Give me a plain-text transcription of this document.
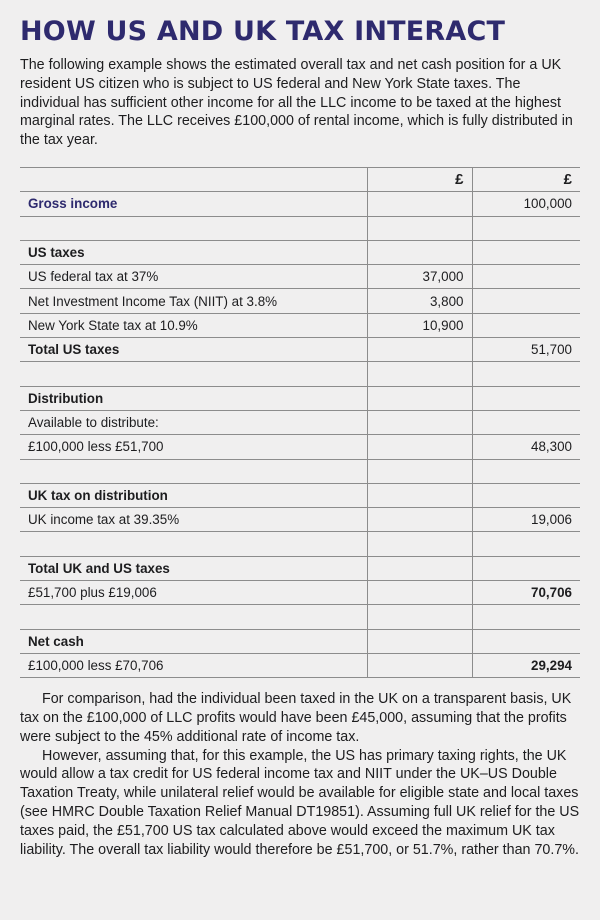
HOW US AND UK TAX INTERACT

The following example shows the estimated overall tax and net cash position for a UK resident US citizen who is subject to US federal and New York State taxes. The individual has sufficient other income for all the LLC income to be taxed at the highest marginal rates. The LLC receives £100,000 of rental income, which is fully distributed in the tax year.

	£	£
Gross income		100,000

US taxes		
US federal tax at 37%	37,000	
Net Investment Income Tax (NIIT) at 3.8%	3,800	
New York State tax at 10.9%	10,900	
Total US taxes		51,700

Distribution		
Available to distribute:		
£100,000 less £51,700		48,300

UK tax on distribution		
UK income tax at 39.35%		19,006

Total UK and US taxes		
£51,700 plus £19,006		70,706

Net cash		
£100,000 less £70,706		29,294

For comparison, had the individual been taxed in the UK on a transparent basis, UK tax on the £100,000 of LLC profits would have been £45,000, assuming that the profits were subject to the 45% additional rate of income tax.

However, assuming that, for this example, the US has primary taxing rights, the UK would allow a tax credit for US federal income tax and NIIT under the UK–US Double Taxation Treaty, while unilateral relief would be available for eligible state and local taxes (see HMRC Double Taxation Relief Manual DT19851). Assuming full UK relief for the US taxes paid, the £51,700 US tax calculated above would exceed the maximum UK tax liability. The overall tax liability would therefore be £51,700, or 51.7%, rather than 70.7%.
